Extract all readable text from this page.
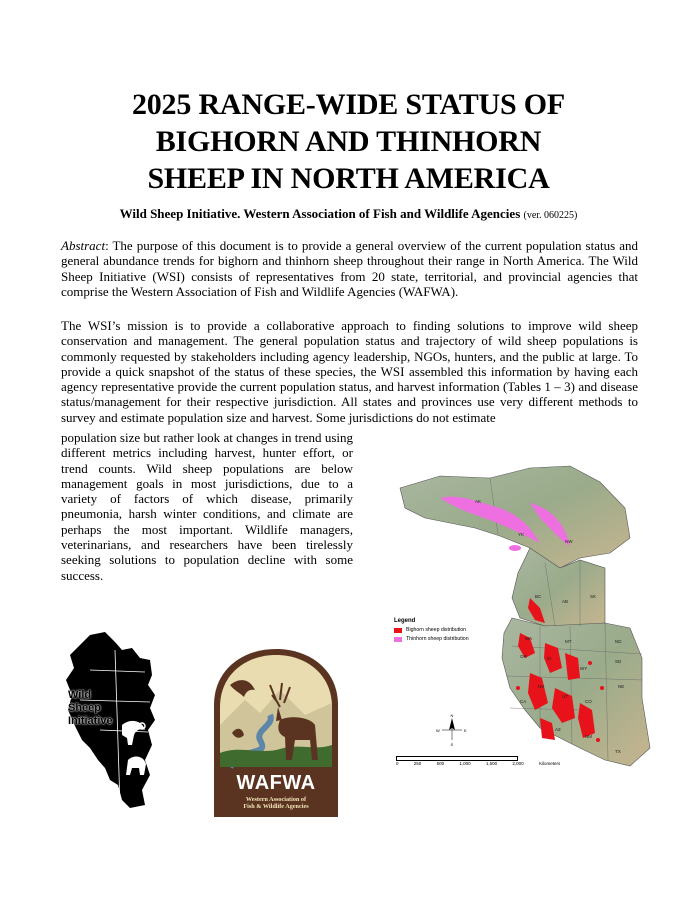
2025 RANGE-WIDE STATUS OF
BIGHORN AND THINHORN
SHEEP IN NORTH AMERICA
Wild Sheep Initiative. Western Association of Fish and Wildlife Agencies (ver. 060225)
Abstract: The purpose of this document is to provide a general overview of the current population status and general abundance trends for bighorn and thinhorn sheep throughout their range in North America. The Wild Sheep Initiative (WSI) consists of representatives from 20 state, territorial, and provincial agencies that comprise the Western Association of Fish and Wildlife Agencies (WAFWA).
The WSI’s mission is to provide a collaborative approach to finding solutions to improve wild sheep conservation and management. The general population status and trajectory of wild sheep populations is commonly requested by stakeholders including agency leadership, NGOs, hunters, and the public at large. To provide a quick snapshot of the status of these species, the WSI assembled this information by having each agency representative provide the current population status, and harvest information (Tables 1 – 3) and disease status/management for their respective jurisdiction. All states and provinces use very different methods to survey and estimate population size and harvest. Some jurisdictions do not estimate
population size but rather look at changes in trend using different metrics including harvest, hunter effort, or trend counts. Wild sheep populations are below management goals in most jurisdictions, due to a variety of factors of which disease, primarily pneumonia, harsh winter conditions, and climate are perhaps the most important. Wildlife managers, veterinarians, and researchers have been tirelessly seeking solutions to population decline with some success.
AK
YK
NW
BC
AB
SK
WA
MT	ND
SD
NE
OR	ID
WY
CO
UT
NV
CA
AZ
NM
TX
N
S
E
W
Legend
Bighorn sheep distribution
Thinhorn sheep distribution
0	250	500	1,000	1,500	2,000	Kilometers
Wild
Sheep
Initiative
WAFWA
Western Association of
Fish & Wildlife Agencies
